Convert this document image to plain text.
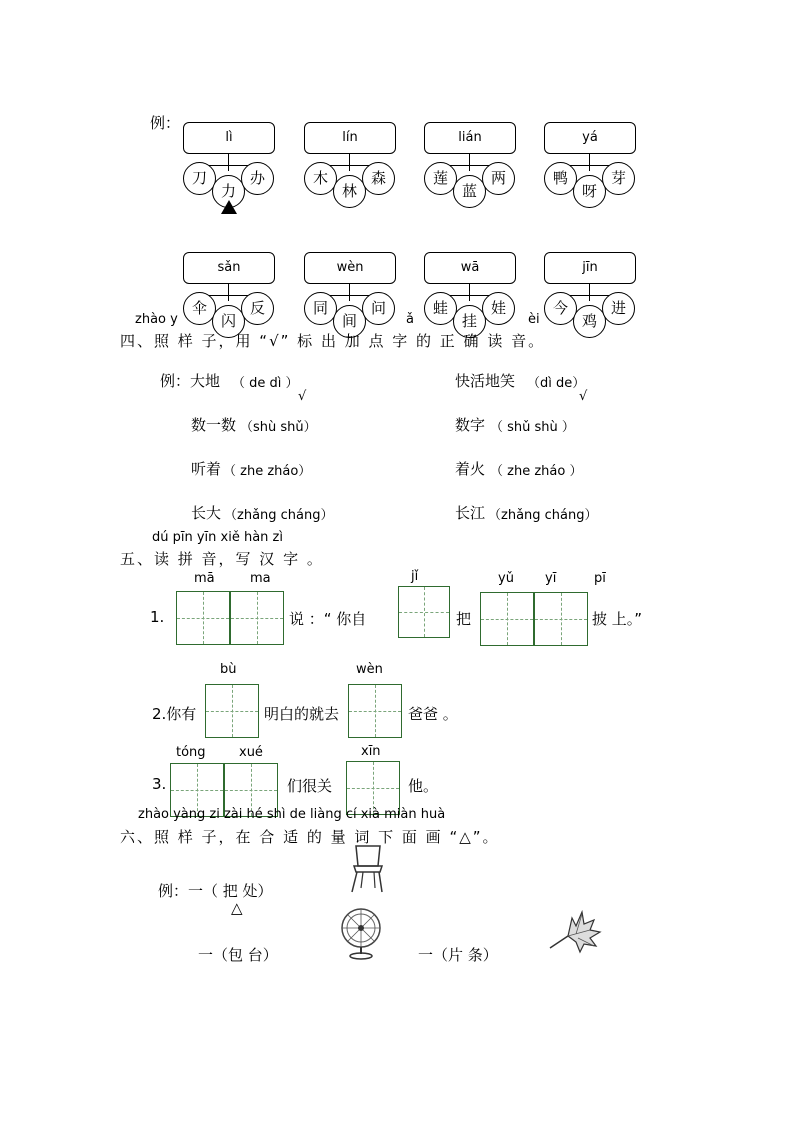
例：
lì
刀
力
办
lín
木
林
森
lián
莲
蓝
两
yá
鸭
呀
芽
sǎn
伞
闪
反
wèn
同
间
问
wā
蛙
挂
娃
jīn
今
鸡
进
zhào y	ǎ	èi
四、照 样 子，用 “√” 标 出 加 点 字 的 正 确 读 音。
例：大地 （ de dì ）
√
快活地笑 （dì de）
√
数一数 （shù shǔ）	数字 （ shǔ shù ）
听着 （ zhe zháo）	着火 （ zhe zháo ）
长大 （zhǎng cháng）	长江 （zhǎng cháng）
dú pīn yīn xiě hàn zì
五、读 拼 音，写 汉 字 。
mā	ma
1.	说 ：“ 你自
jǐ
把
yǔ yī	pī
披 上。”
bù
2.你有	明白的就去
wèn
爸爸 。
tóng	xué
3.	们很关
xīn
他。
zhào yàng zi zài hé shì de liàng cí xià miàn huà
六、照 样 子，在 合 适 的 量 词 下 面 画 “△”。
例：一（ 把 处）
△
一（包 台）	一（片 条）
